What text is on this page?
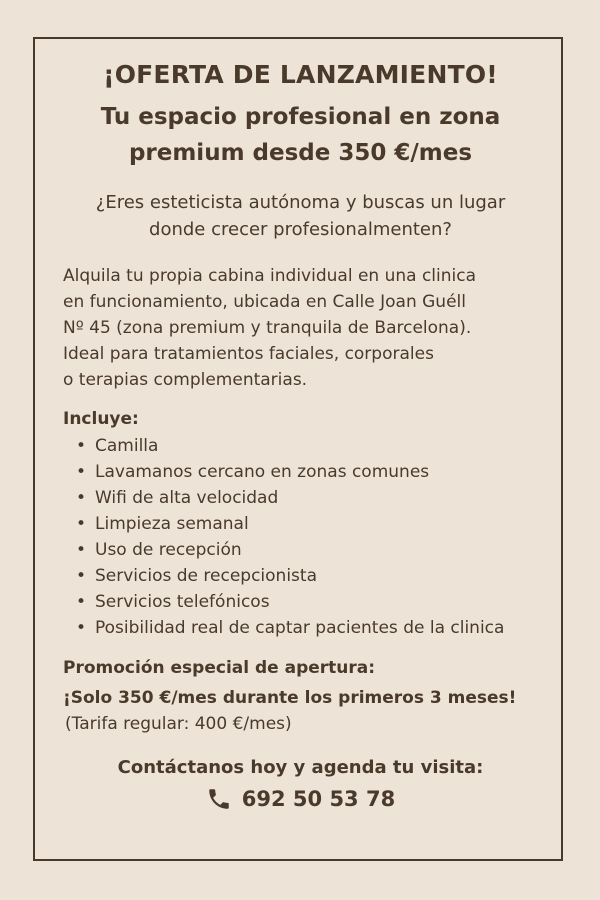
¡OFERTA DE LANZAMIENTO!
Tu espacio profesional en zona
premium desde 350 €/mes
¿Eres esteticista autónoma y buscas un lugar
donde crecer profesionalmenten?
Alquila tu propia cabina individual en una clinica
en funcionamiento, ubicada en Calle Joan Guéll
Nº 45 (zona premium y tranquila de Barcelona).
Ideal para tratamientos faciales, corporales
o terapias complementarias.
Incluye:
• Camilla
• Lavamanos cercano en zonas comunes
• Wifi de alta velocidad
• Limpieza semanal
• Uso de recepción
• Servicios de recepcionista
• Servicios telefónicos
• Posibilidad real de captar pacientes de la clinica
Promoción especial de apertura:
¡Solo 350 €/mes durante los primeros 3 meses!
(Tarifa regular: 400 €/mes)
Contáctanos hoy y agenda tu visita:
692 50 53 78
